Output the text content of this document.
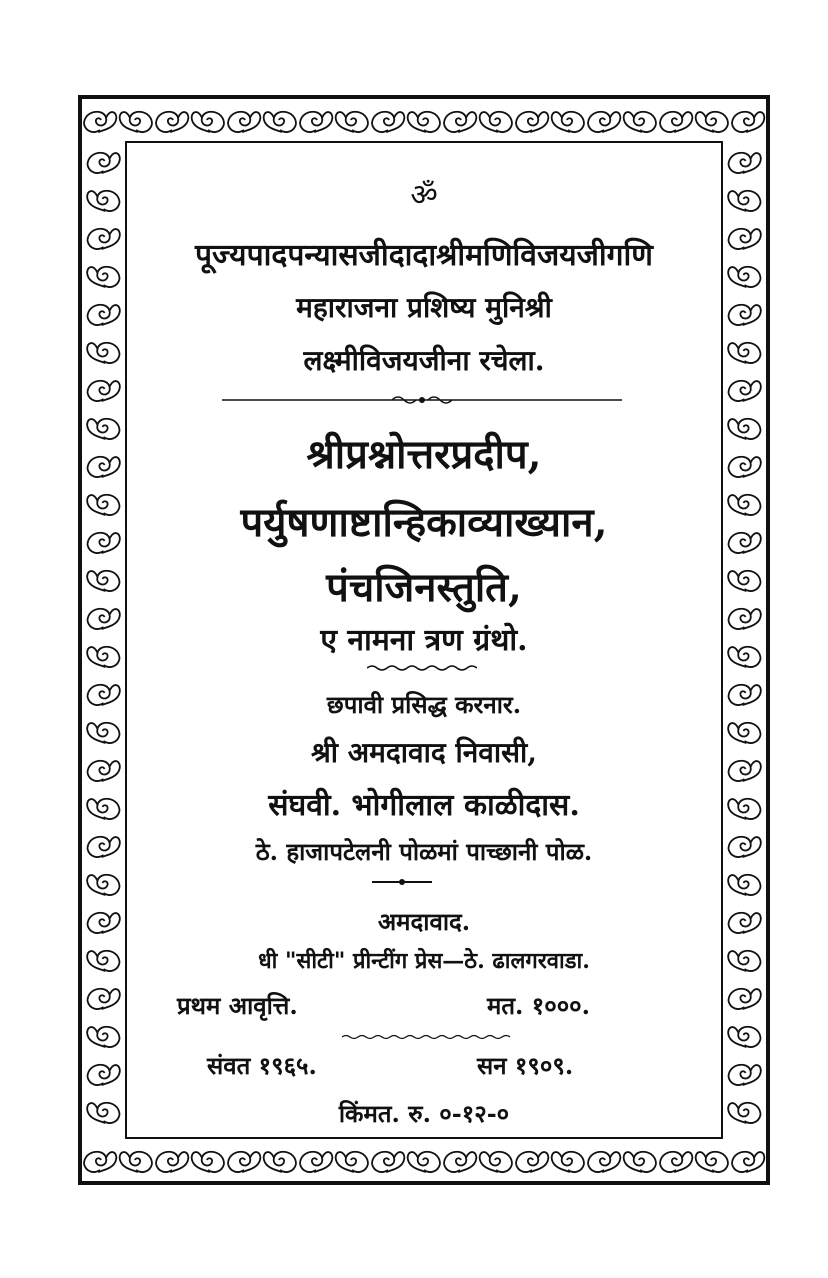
ॐ
पूज्यपादपन्यासजीदादाश्रीमणिविजयजीगणि
महाराजना प्रशिष्य मुनिश्री
लक्ष्मीविजयजीना रचेला.
श्रीप्रश्नोत्तरप्रदीप,
पर्युषणाष्टान्हिकाव्याख्यान,
पंचजिनस्तुति,
ए नामना त्रण ग्रंथो.
छपावी प्रसिद्ध करनार.
श्री अमदावाद निवासी,
संघवी. भोगीलाल काळीदास.
ठे. हाजापटेलनी पोळमां पाच्छानी पोळ.
अमदावाद.
धी "सीटी" प्रीन्टींग प्रेस—ठे. ढालगरवाडा.
प्रथम आवृत्ति.	मत. १०००.
संवत १९६५.	सन १९०९.
किंमत. रु. ०-१२-०
